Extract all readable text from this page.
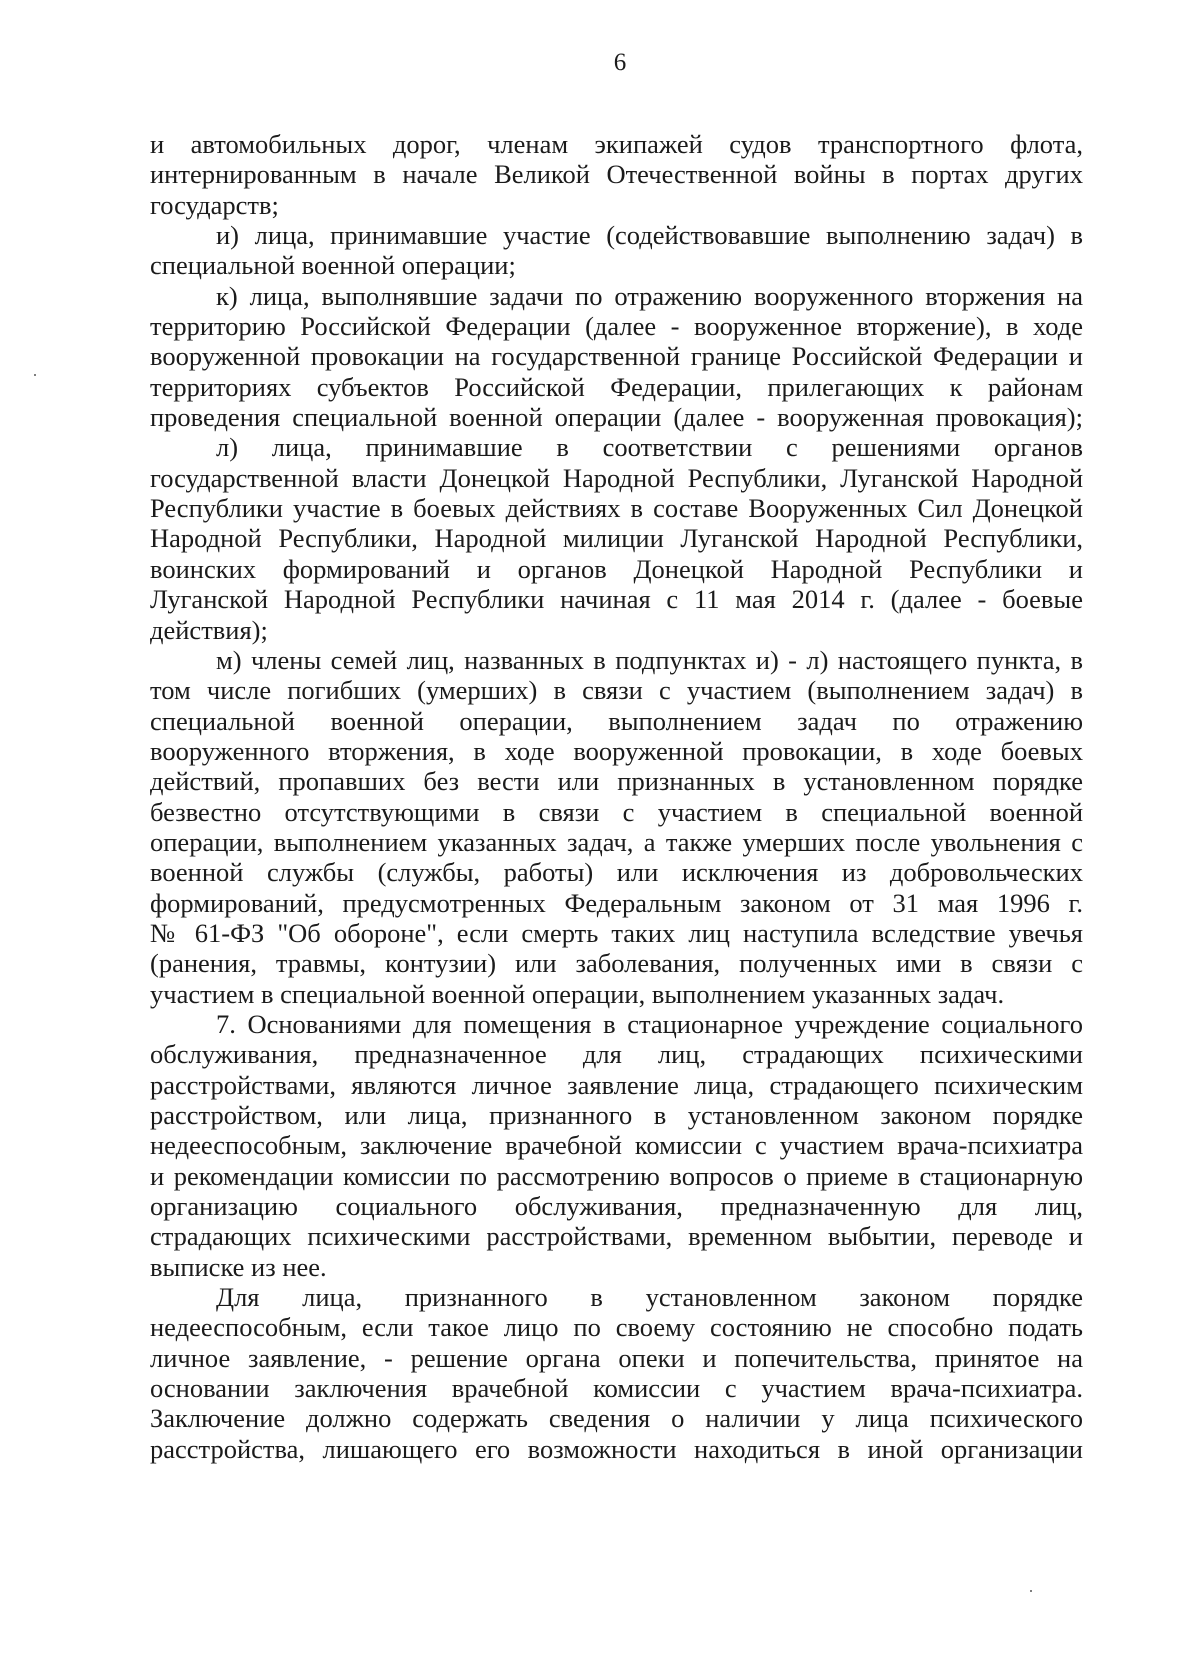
6
и автомобильных дорог, членам экипажей судов транспортного флота,
интернированным в начале Великой Отечественной войны в портах других
государств;
и) лица, принимавшие участие (содействовавшие выполнению задач) в
специальной военной операции;
к) лица, выполнявшие задачи по отражению вооруженного вторжения на
территорию Российской Федерации (далее - вооруженное вторжение), в ходе
вооруженной провокации на государственной границе Российской Федерации и
территориях субъектов Российской Федерации, прилегающих к районам
проведения специальной военной операции (далее - вооруженная провокация);
л) лица, принимавшие в соответствии с решениями органов
государственной власти Донецкой Народной Республики, Луганской Народной
Республики участие в боевых действиях в составе Вооруженных Сил Донецкой
Народной Республики, Народной милиции Луганской Народной Республики,
воинских формирований и органов Донецкой Народной Республики и
Луганской Народной Республики начиная с 11 мая 2014 г. (далее - боевые
действия);
м) члены семей лиц, названных в подпунктах и) - л) настоящего пункта, в
том числе погибших (умерших) в связи с участием (выполнением задач) в
специальной военной операции, выполнением задач по отражению
вооруженного вторжения, в ходе вооруженной провокации, в ходе боевых
действий, пропавших без вести или признанных в установленном порядке
безвестно отсутствующими в связи с участием в специальной военной
операции, выполнением указанных задач, а также умерших после увольнения с
военной службы (службы, работы) или исключения из добровольческих
формирований, предусмотренных Федеральным законом от 31 мая 1996 г.
№ 61-ФЗ "Об обороне", если смерть таких лиц наступила вследствие увечья
(ранения, травмы, контузии) или заболевания, полученных ими в связи с
участием в специальной военной операции, выполнением указанных задач.
7. Основаниями для помещения в стационарное учреждение социального
обслуживания, предназначенное для лиц, страдающих психическими
расстройствами, являются личное заявление лица, страдающего психическим
расстройством, или лица, признанного в установленном законом порядке
недееспособным, заключение врачебной комиссии с участием врача-психиатра
и рекомендации комиссии по рассмотрению вопросов о приеме в стационарную
организацию социального обслуживания, предназначенную для лиц,
страдающих психическими расстройствами, временном выбытии, переводе и
выписке из нее.
Для лица, признанного в установленном законом порядке
недееспособным, если такое лицо по своему состоянию не способно подать
личное заявление, - решение органа опеки и попечительства, принятое на
основании заключения врачебной комиссии с участием врача-психиатра.
Заключение должно содержать сведения о наличии у лица психического
расстройства, лишающего его возможности находиться в иной организации
